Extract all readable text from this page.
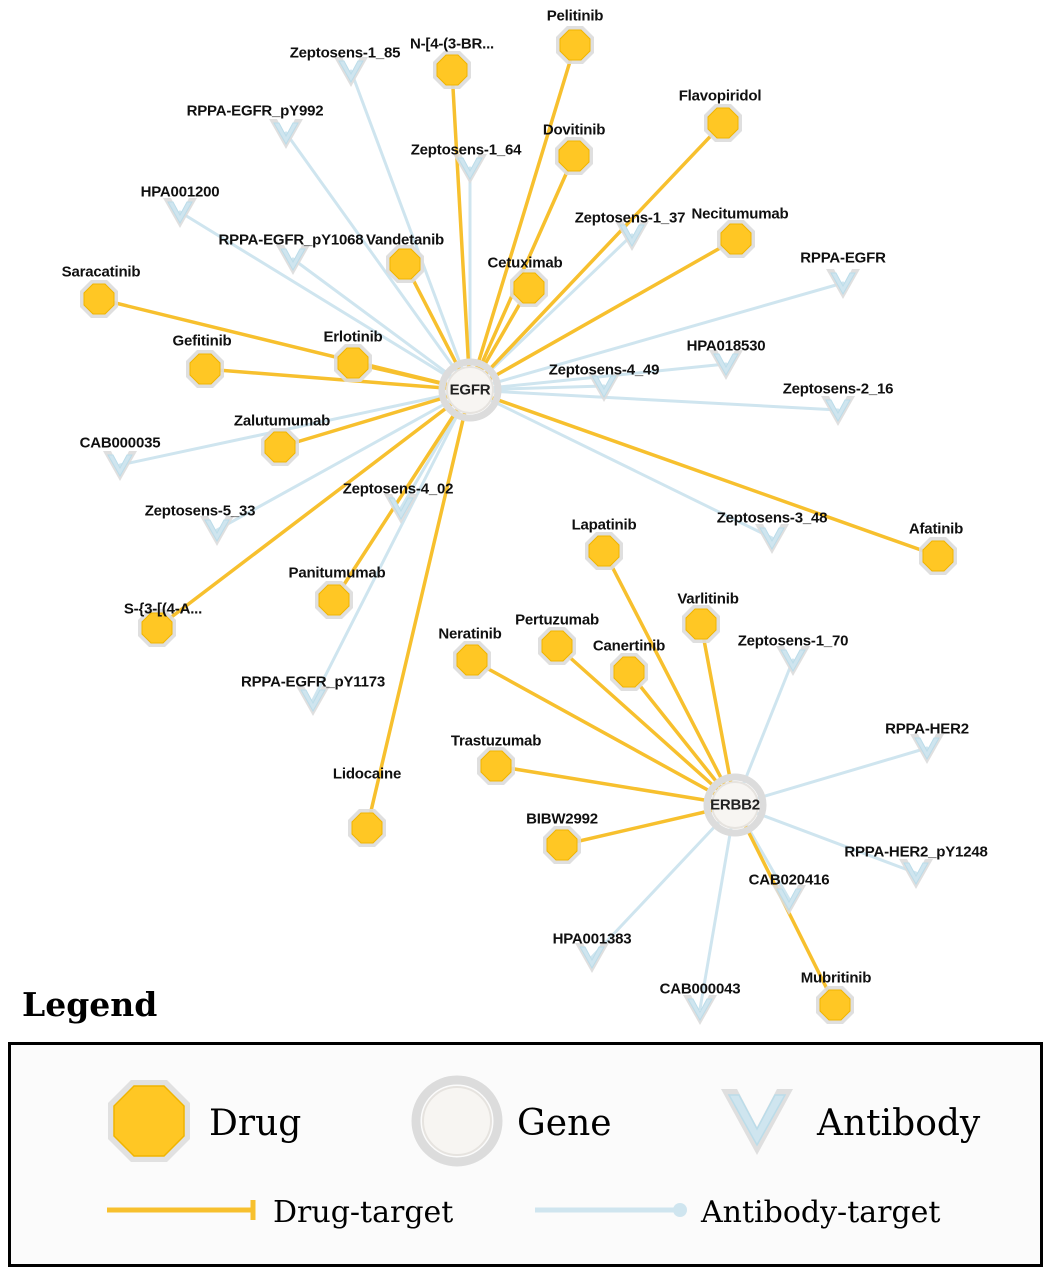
Zeptosens-1_85
RPPA-EGFR_pY992
Zeptosens-1_64
HPA001200
Zeptosens-1_37
RPPA-EGFR_pY1068
RPPA-EGFR
HPA018530
Zeptosens-4_49
Zeptosens-2_16
CAB000035
Zeptosens-4_02
Zeptosens-5_33	Zeptosens-3_48
Zeptosens-1_70
RPPA-EGFR_pY1173
RPPA-HER2
RPPA-HER2_pY1248
CAB020416
HPA001383
CAB000043
Pelitinib
N-[4-(3-BR...
Flavopiridol
Dovitinib
Necitumumab
Vandetanib
Cetuximab
Saracatinib
Erlotinib
Gefitinib
Zalutumumab
Afatinib
Lapatinib
Varlitinib
Panitumumab
S-{3-[(4-A...
Pertuzumab
Neratinib
Canertinib
Trastuzumab
Lidocaine
BIBW2992
Mubritinib
EGFR
ERBB2
Legend
Drug	Gene	Antibody
Drug-target	Antibody-target
